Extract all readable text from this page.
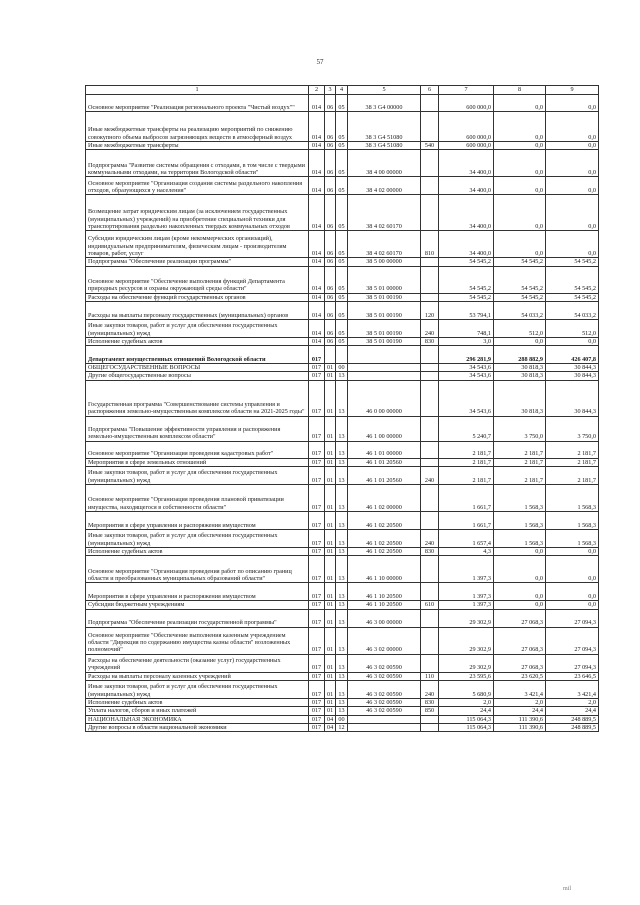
57
1	2	3	4	5	6	7	8	9
Основное мероприятие "Реализация регионального проекта "Чистый воздух""	014	06	05	38 3 G4 00000		600 000,0	0,0	0,0
Иные межбюджетные трансферты на реализацию мероприятий по снижению совокупного объема выбросов загрязняющих веществ в атмосферный воздух	014	06	05	38 3 G4 51080		600 000,0	0,0	0,0
Иные межбюджетные трансферты	014	06	05	38 3 G4 51080	540	600 000,0	0,0	0,0
Подпрограмма "Развитие системы обращения с отходами, в том числе с твердыми коммунальными отходами, на территории Вологодской области"	014	06	05	38 4 00 00000		34 400,0	0,0	0,0
Основное мероприятие "Организация создания системы раздельного накопления отходов, образующихся у населения"	014	06	05	38 4 02 00000		34 400,0	0,0	0,0
Возмещение затрат юридическим лицам (за исключением государственных (муниципальных) учреждений) на приобретение специальной техники для транспортирования раздельно накопленных твердых коммунальных отходов	014	06	05	38 4 02 60170		34 400,0	0,0	0,0
Субсидии юридическим лицам (кроме некоммерческих организаций), индивидуальным предпринимателям, физическим лицам - производителям товаров, работ, услуг	014	06	05	38 4 02 60170	810	34 400,0	0,0	0,0
Подпрограмма "Обеспечение реализации программы"	014	06	05	38 5 00 00000		54 545,2	54 545,2	54 545,2
Основное мероприятие "Обеспечение выполнения функций Департамента природных ресурсов и охраны окружающей среды области"	014	06	05	38 5 01 00000		54 545,2	54 545,2	54 545,2
Расходы на обеспечение функций государственных органов	014	06	05	38 5 01 00190		54 545,2	54 545,2	54 545,2
Расходы на выплаты персоналу государственных (муниципальных) органов	014	06	05	38 5 01 00190	120	53 794,1	54 033,2	54 033,2
Иные закупки товаров, работ и услуг для обеспечения государственных (муниципальных) нужд	014	06	05	38 5 01 00190	240	748,1	512,0	512,0
Исполнение судебных актов	014	06	05	38 5 01 00190	830	3,0	0,0	0,0
Департамент имущественных отношений Вологодской области	017					296 281,9	288 882,9	426 407,8
ОБЩЕГОСУДАРСТВЕННЫЕ ВОПРОСЫ	017	01	00			34 543,6	30 818,3	30 844,3
Другие общегосударственные вопросы	017	01	13			34 543,6	30 818,3	30 844,3
Государственная программа "Совершенствование системы управления и распоряжения земельно-имущественным комплексом области на 2021-2025 годы"	017	01	13	46 0 00 00000		34 543,6	30 818,3	30 844,3
Подпрограмма "Повышение эффективности управления и распоряжения земельно-имущественным комплексом области"	017	01	13	46 1 00 00000		5 240,7	3 750,0	3 750,0
Основное мероприятие "Организация проведения кадастровых работ"	017	01	13	46 1 01 00000		2 181,7	2 181,7	2 181,7
Мероприятия в сфере земельных отношений	017	01	13	46 1 01 20560		2 181,7	2 181,7	2 181,7
Иные закупки товаров, работ и услуг для обеспечения государственных (муниципальных) нужд	017	01	13	46 1 01 20560	240	2 181,7	2 181,7	2 181,7
Основное мероприятие "Организация проведения плановой приватизации имущества, находящегося в собственности области"	017	01	13	46 1 02 00000		1 661,7	1 568,3	1 568,3
Мероприятия в сфере управления и распоряжения имуществом	017	01	13	46 1 02 20500		1 661,7	1 568,3	1 568,3
Иные закупки товаров, работ и услуг для обеспечения государственных (муниципальных) нужд	017	01	13	46 1 02 20500	240	1 657,4	1 568,3	1 568,3
Исполнение судебных актов	017	01	13	46 1 02 20500	830	4,3	0,0	0,0
Основное мероприятие "Организация проведения работ по описанию границ области и преобразованных муниципальных образований области"	017	01	13	46 1 10 00000		1 397,3	0,0	0,0
Мероприятия в сфере управления и распоряжения имуществом	017	01	13	46 1 10 20500		1 397,3	0,0	0,0
Субсидии бюджетным учреждениям	017	01	13	46 1 10 20500	610	1 397,3	0,0	0,0
Подпрограмма "Обеспечение реализации государственной программы"	017	01	13	46 3 00 00000		29 302,9	27 068,3	27 094,3
Основное мероприятие "Обеспечение выполнения казенным учреждением области "Дирекция по содержанию имущества казны области" возложенных полномочий"	017	01	13	46 3 02 00000		29 302,9	27 068,3	27 094,3
Расходы на обеспечение деятельности (оказание услуг) государственных учреждений	017	01	13	46 3 02 00590		29 302,9	27 068,3	27 094,3
Расходы на выплаты персоналу казенных учреждений	017	01	13	46 3 02 00590	110	23 595,6	23 620,5	23 646,5
Иные закупки товаров, работ и услуг для обеспечения государственных (муниципальных) нужд	017	01	13	46 3 02 00590	240	5 680,9	3 421,4	3 421,4
Исполнение судебных актов	017	01	13	46 3 02 00590	830	2,0	2,0	2,0
Уплата налогов, сборов и иных платежей	017	01	13	46 3 02 00590	850	24,4	24,4	24,4
НАЦИОНАЛЬНАЯ ЭКОНОМИКА	017	04	00			115 064,3	111 390,6	248 889,5
Другие вопросы в области национальной экономики	017	04	12			115 064,3	111 390,6	248 889,5
mil
